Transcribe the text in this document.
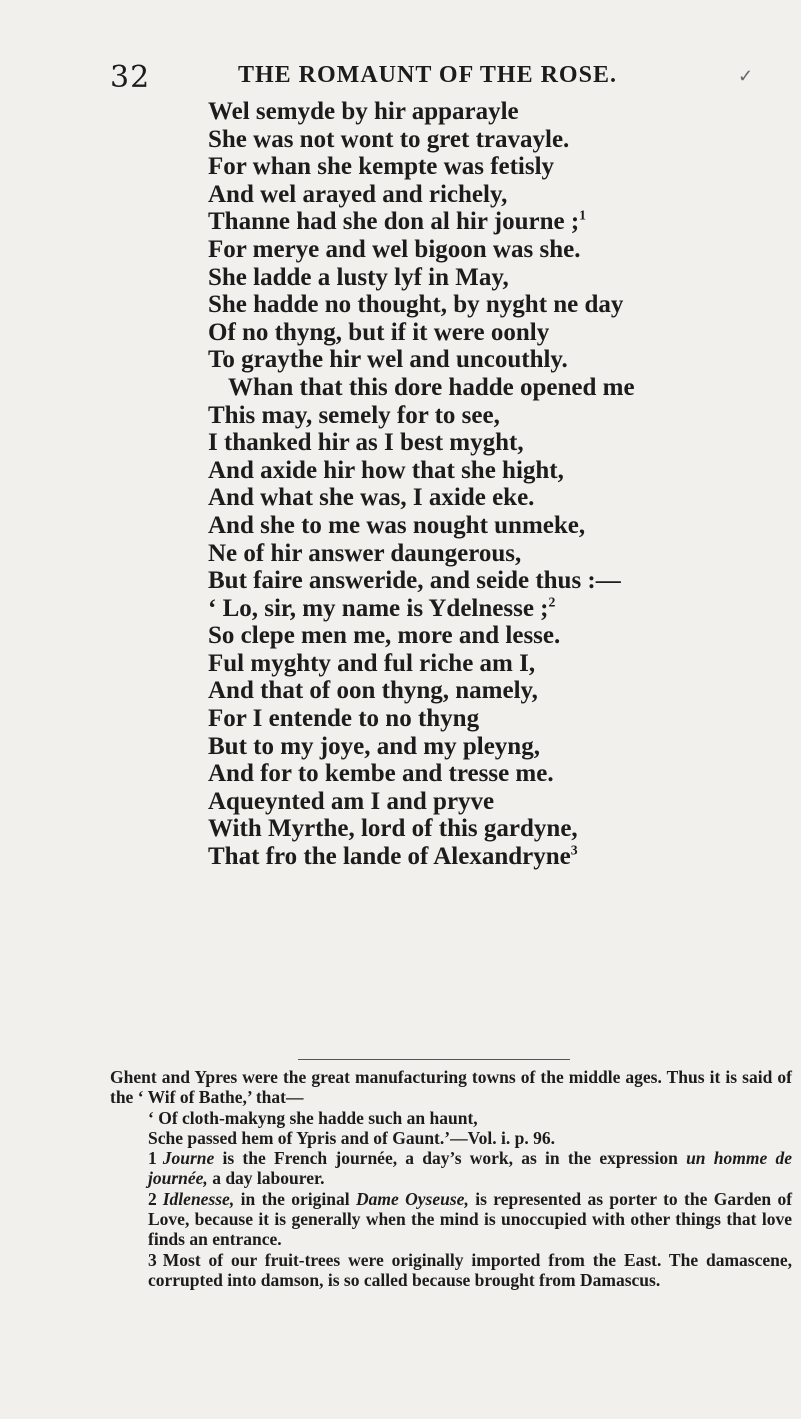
32	THE ROMAUNT OF THE ROSE.	✓
Wel semyde by hir apparayle
She was not wont to gret travayle.
For whan she kempte was fetisly
And wel arayed and richely,
Thanne had she don al hir journe ;$^1$
For merye and wel bigoon was she.
She ladde a lusty lyf in May,
She hadde no thought, by nyght ne day
Of no thyng, but if it were oonly
To graythe hir wel and uncouthly.
Whan that this dore hadde opened me
This may, semely for to see,
I thanked hir as I best myght,
And axide hir how that she hight,
And what she was, I axide eke.
And she to me was nought unmeke,
Ne of hir answer daungerous,
But faire answeride, and seide thus :—
‘ Lo, sir, my name is Ydelnesse ;$^2$
So clepe men me, more and lesse.
Ful myghty and ful riche am I,
And that of oon thyng, namely,
For I entende to no thyng
But to my joye, and my pleyng,
And for to kembe and tresse me.
Aqueynted am I and pryve
With Myrthe, lord of this gardyne,
That fro the lande of Alexandryne$^3$

Ghent and Ypres were the great manufacturing towns of the middle ages. Thus it is said of the ‘ Wif of Bathe,’ that—

‘ Of cloth-makyng she hadde such an haunt,

Sche passed hem of Ypris and of Gaunt.’—Vol. i. p. 96.

1 Journe is the French journée, a day’s work, as in the expression un homme de journée, a day labourer.

2 Idlenesse, in the original Dame Oyseuse, is represented as porter to the Garden of Love, because it is generally when the mind is unoccupied with other things that love finds an entrance.

3 Most of our fruit-trees were originally imported from the East. The damascene, corrupted into damson, is so called because brought from Damascus.
